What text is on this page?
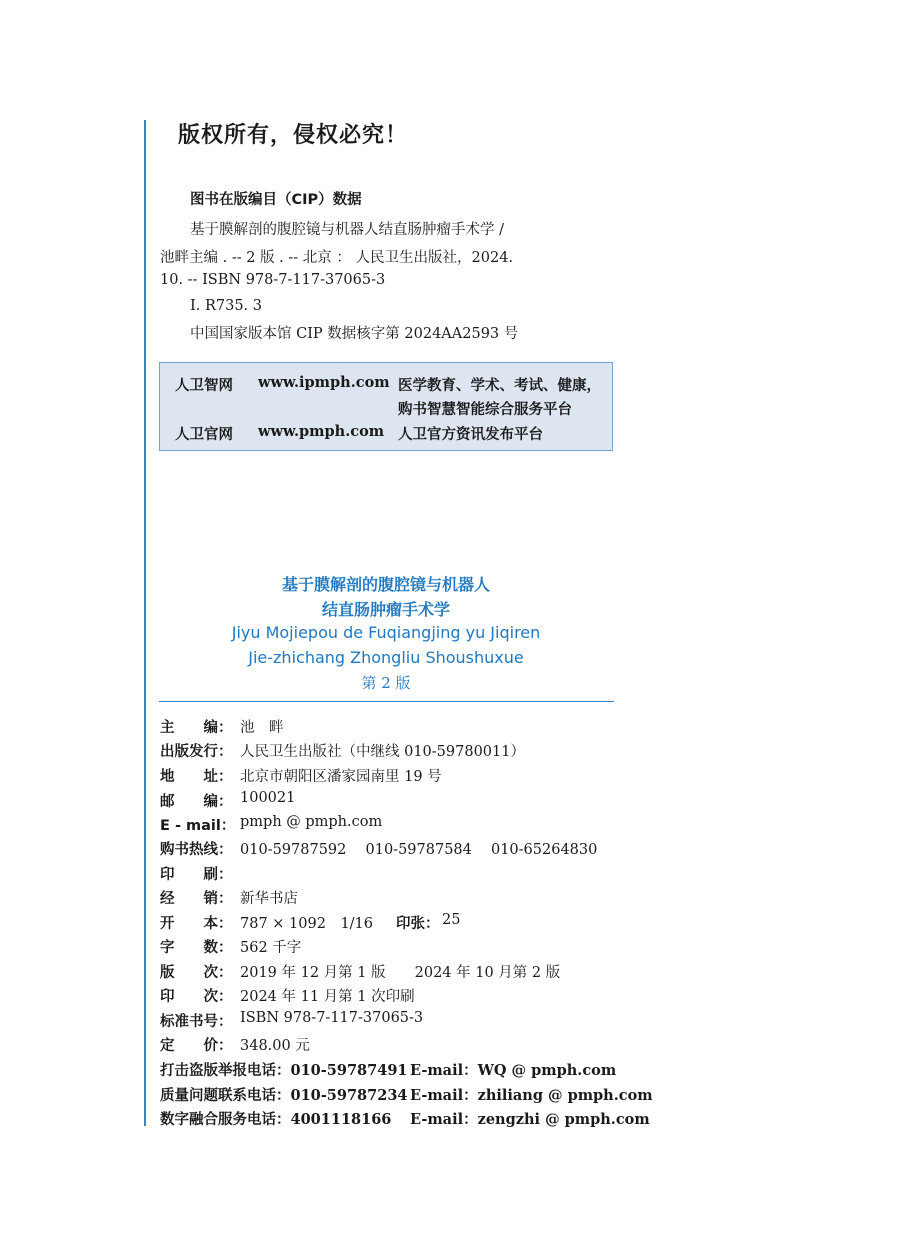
版权所有，侵权必究！
图书在版编目（CIP）数据
基于膜解剖的腹腔镜与机器人结直肠肿瘤手术学 /
池畔主编 . -- 2 版 . -- 北京 ： 人民卫生出版社，2024.
10. -- ISBN 978-7-117-37065-3
Ⅰ. R735. 3
中国国家版本馆 CIP 数据核字第 2024AA2593 号
人卫智网 www.ipmph.com 医学教育、学术、考试、健康，
购书智慧智能综合服务平台
人卫官网 www.pmph.com 人卫官方资讯发布平台
基于膜解剖的腹腔镜与机器人
结直肠肿瘤手术学
Jiyu Mojiepou de Fuqiangjing yu Jiqiren
Jie-zhichang Zhongliu Shoushuxue
第 2 版
主　　编： 池　畔
出版发行： 人民卫生出版社（中继线 010-59780011）
地　　址： 北京市朝阳区潘家园南里 19 号
邮　　编： 100021
E - mail： pmph @ pmph.com
购书热线： 010-59787592　 010-59787584　 010-65264830
印　　刷：
经　　销： 新华书店
开　　本： 787 × 1092　1/16 印张： 25
字　　数： 562 千字
版　　次： 2019 年 12 月第 1 版　　2024 年 10 月第 2 版
印　　次： 2024 年 11 月第 1 次印刷
标准书号： ISBN 978-7-117-37065-3
定　　价： 348.00 元
打击盗版举报电话：010-59787491 E-mail：WQ @ pmph.com
质量问题联系电话：010-59787234 E-mail：zhiliang @ pmph.com
数字融合服务电话：4001118166 E-mail：zengzhi @ pmph.com
